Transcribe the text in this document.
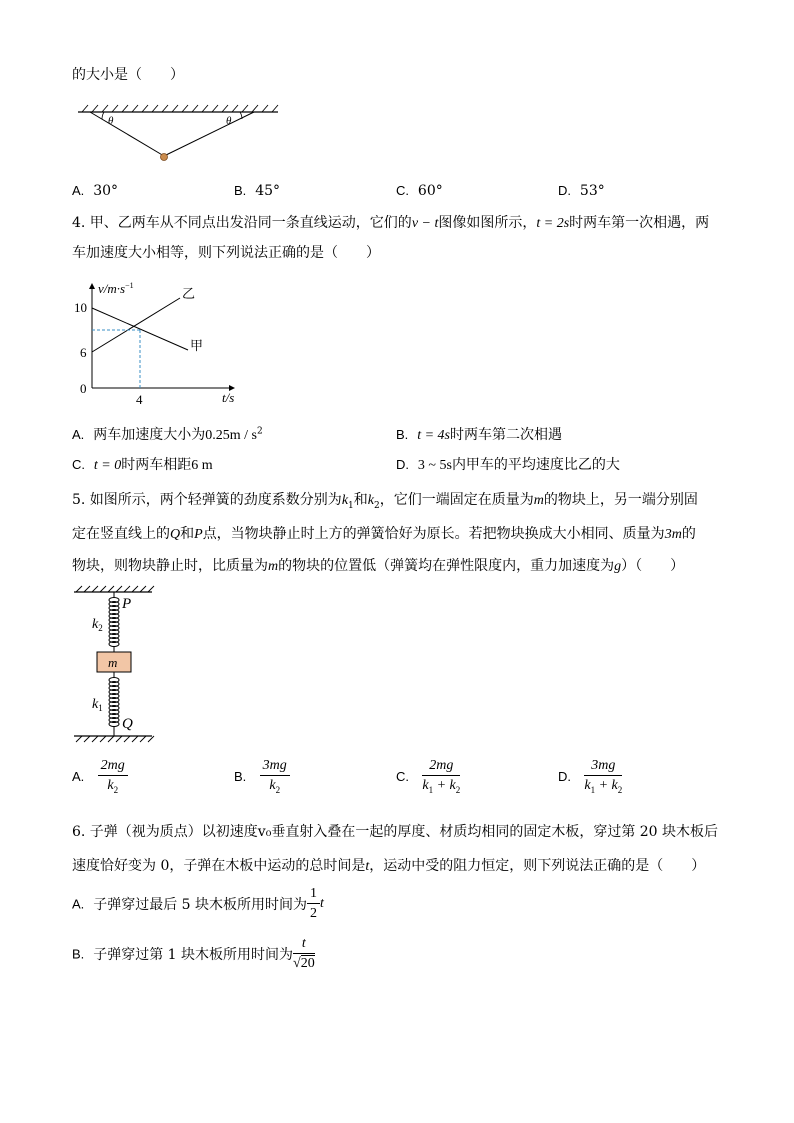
的大小是（　　）
θ	θ
A. 30°	B. 45°	C. 60°	D. 53°
4. 甲、乙两车从不同点出发沿同一条直线运动，它们的v − t图像如图所示，t = 2s时两车第一次相遇，两
车加速度大小相等，则下列说法正确的是（　　）
$v/m\cdot s^{-1}$
t/s
10
6
0
4
乙
甲
A. 两车加速度大小为$0.25m / s^2$	B. t = 4s时两车第二次相遇
C. t = 0时两车相距6 m	D. 3 ~ 5s内甲车的平均速度比乙的大
5. 如图所示，两个轻弹簧的劲度系数分别为$k_1$和$k_2$，它们一端固定在质量为m的物块上，另一端分别固
定在竖直线上的Q和P点，当物块静止时上方的弹簧恰好为原长。若把物块换成大小相同、质量为3m的
物块，则物块静止时，比质量为m的物块的位置低（弹簧均在弹性限度内，重力加速度为g）（　　）
m
P
Q
$k_2$
$k_1$
A. $\frac{2mg}{k_2}$	B. $\frac{3mg}{k_2}$	C. $\frac{2mg}{k_1 + k_2}$	D. $\frac{3mg}{k_1 + k_2}$
6. 子弹（视为质点）以初速度v₀垂直射入叠在一起的厚度、材质均相同的固定木板，穿过第 20 块木板后
速度恰好变为 0，子弹在木板中运动的总时间是t，运动中受的阻力恒定，则下列说法正确的是（　　）
A. 子弹穿过最后 5 块木板所用时间为 $\frac{1}{2}$ t
B. 子弹穿过第 1 块木板所用时间为 $\frac{t}{√20}$
